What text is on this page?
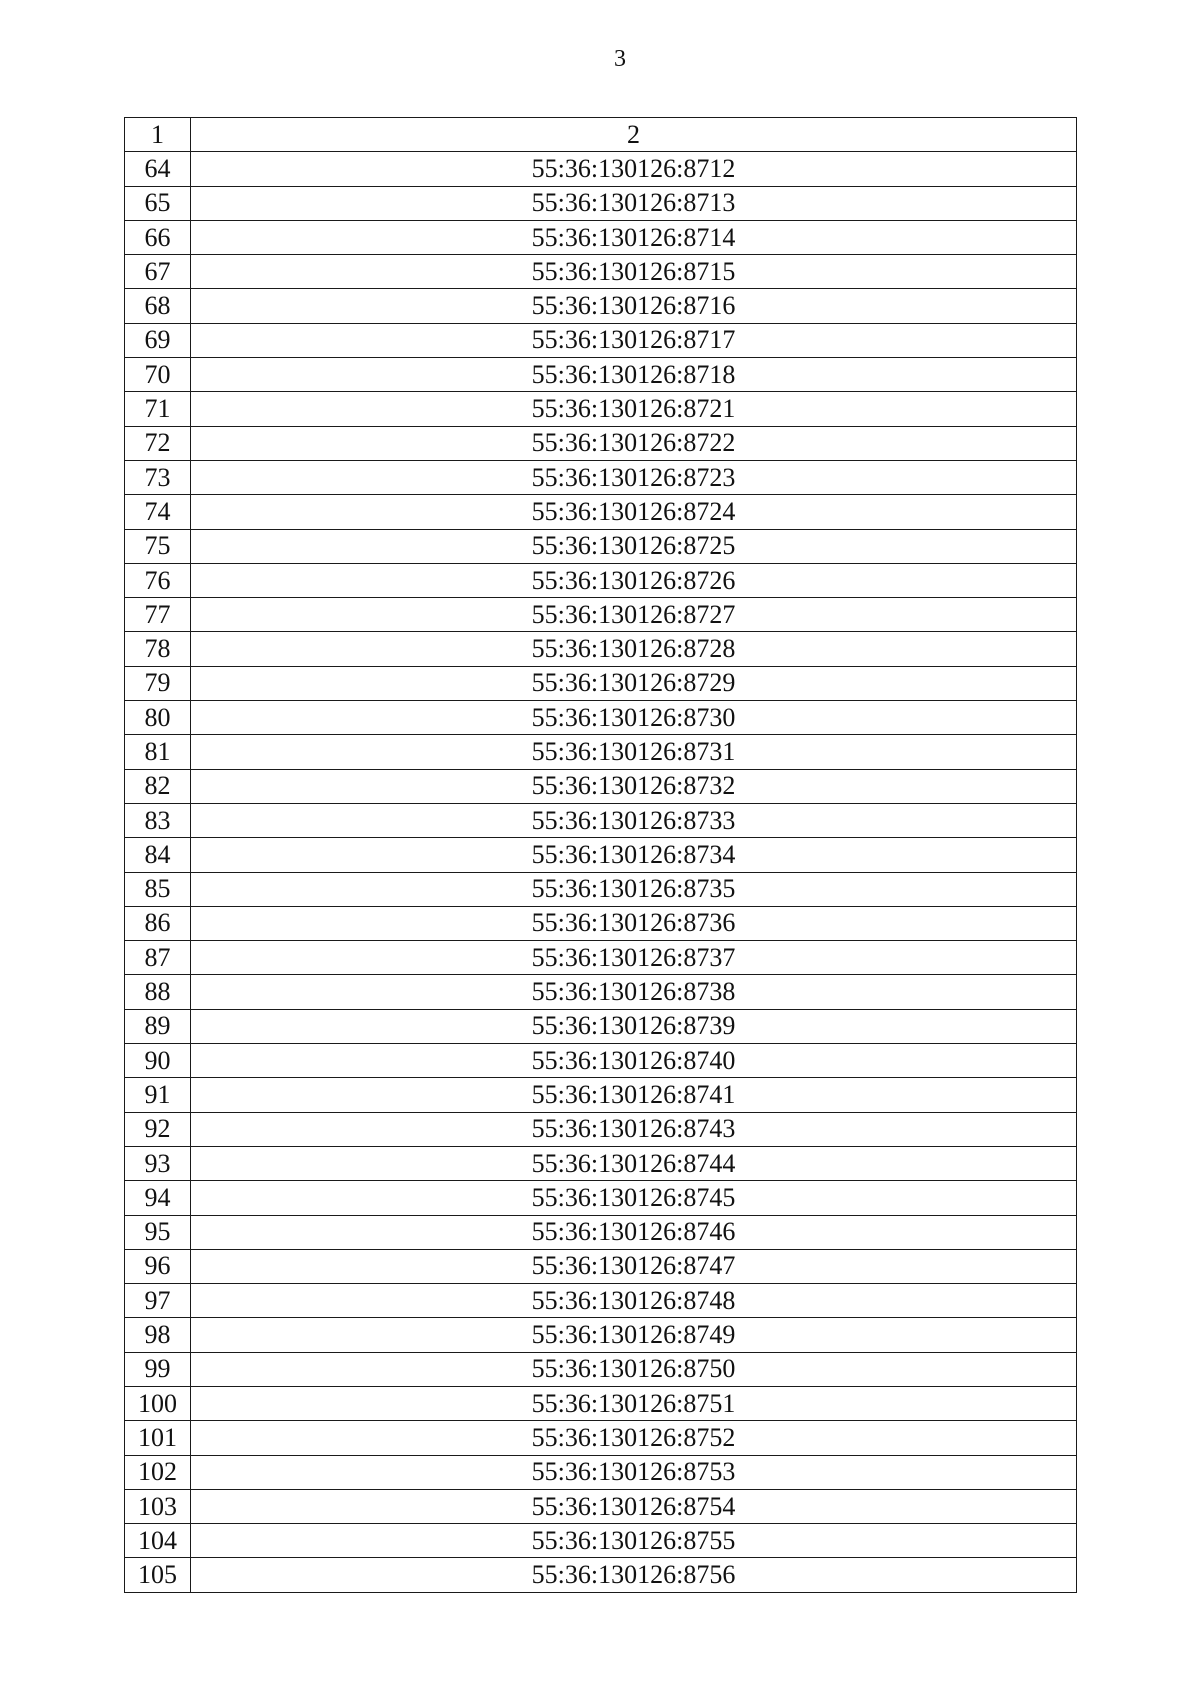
3
1	2
64	55:36:130126:8712
65	55:36:130126:8713
66	55:36:130126:8714
67	55:36:130126:8715
68	55:36:130126:8716
69	55:36:130126:8717
70	55:36:130126:8718
71	55:36:130126:8721
72	55:36:130126:8722
73	55:36:130126:8723
74	55:36:130126:8724
75	55:36:130126:8725
76	55:36:130126:8726
77	55:36:130126:8727
78	55:36:130126:8728
79	55:36:130126:8729
80	55:36:130126:8730
81	55:36:130126:8731
82	55:36:130126:8732
83	55:36:130126:8733
84	55:36:130126:8734
85	55:36:130126:8735
86	55:36:130126:8736
87	55:36:130126:8737
88	55:36:130126:8738
89	55:36:130126:8739
90	55:36:130126:8740
91	55:36:130126:8741
92	55:36:130126:8743
93	55:36:130126:8744
94	55:36:130126:8745
95	55:36:130126:8746
96	55:36:130126:8747
97	55:36:130126:8748
98	55:36:130126:8749
99	55:36:130126:8750
100	55:36:130126:8751
101	55:36:130126:8752
102	55:36:130126:8753
103	55:36:130126:8754
104	55:36:130126:8755
105	55:36:130126:8756
